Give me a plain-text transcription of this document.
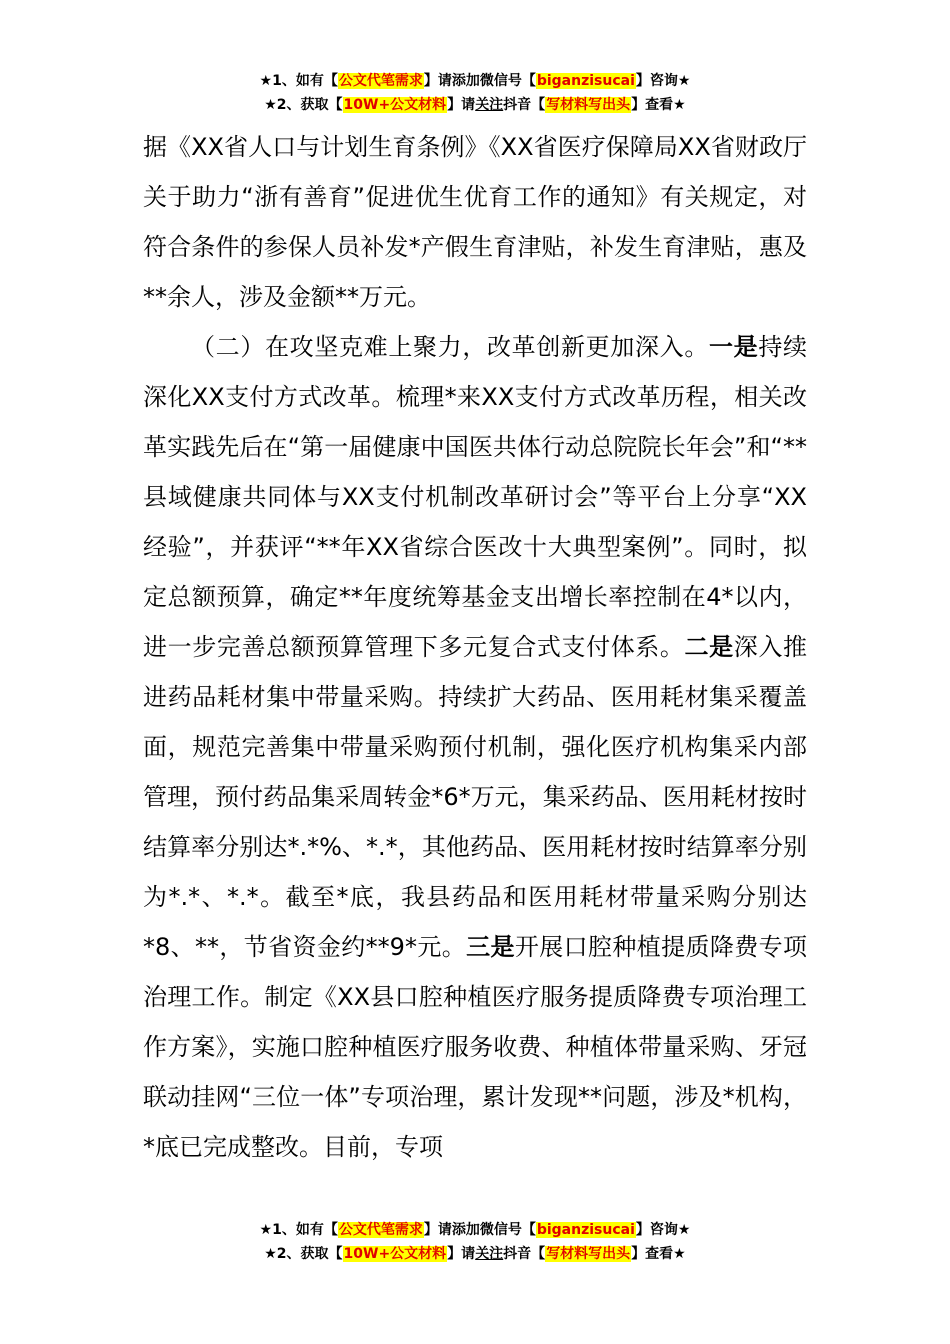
★1、如有【公文代笔需求】请添加微信号【biganzisucai】咨询★
★2、获取【10W+公文材料】请关注抖音【写材料写出头】查看★

据《XX省人口与计划生育条例》《XX省医疗保障局XX省财政厅关于助力“浙有善育”促进优生优育工作的通知》有关规定，对符合条件的参保人员补发*产假生育津贴，补发生育津贴，惠及**余人，涉及金额**万元。

（二）在攻坚克难上聚力，改革创新更加深入。一是持续深化XX支付方式改革。梳理*来XX支付方式改革历程，相关改革实践先后在“第一届健康中国医共体行动总院院长年会”和“**县域健康共同体与XX支付机制改革研讨会”等平台上分享“XX经验”，并获评“**年XX省综合医改十大典型案例”。同时，拟定总额预算，确定**年度统筹基金支出增长率控制在4*以内，进一步完善总额预算管理下多元复合式支付体系。二是深入推进药品耗材集中带量采购。持续扩大药品、医用耗材集采覆盖面，规范完善集中带量采购预付机制，强化医疗机构集采内部管理，预付药品集采周转金*6*万元，集采药品、医用耗材按时结算率分别达*.*%、*.*，其他药品、医用耗材按时结算率分别为*.*、*.*。截至*底，我县药品和医用耗材带量采购分别达*8、**，节省资金约**9*元。三是开展口腔种植提质降费专项治理工作。制定《XX县口腔种植医疗服务提质降费专项治理工作方案》，实施口腔种植医疗服务收费、种植体带量采购、牙冠联动挂网“三位一体”专项治理，累计发现**问题，涉及*机构，*底已完成整改。目前，专项

★1、如有【公文代笔需求】请添加微信号【biganzisucai】咨询★
★2、获取【10W+公文材料】请关注抖音【写材料写出头】查看★
